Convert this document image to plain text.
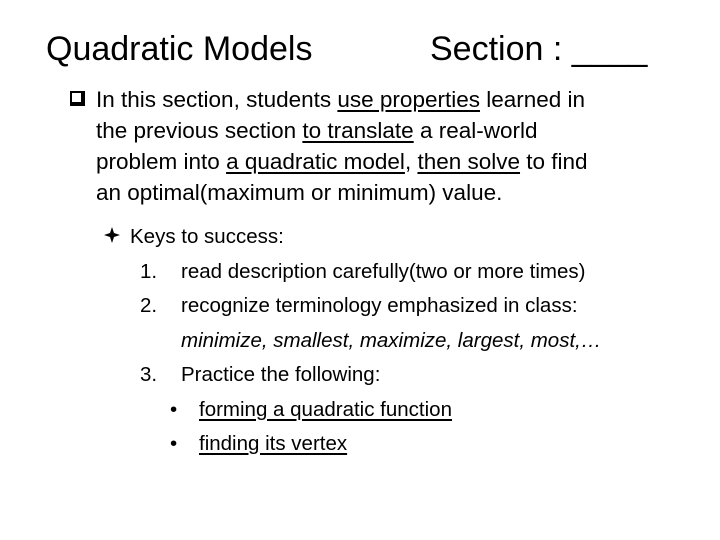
Quadratic Models	Section : ____
In this section, students use properties learned in
the previous section to translate a real-world
problem into a quadratic model, then solve to find
an optimal(maximum or minimum) value.
Keys to success:
1. read description carefully(two or more times)
2. recognize terminology emphasized in class:
minimize, smallest, maximize, largest, most,…
3. Practice the following:
• forming a quadratic function
• finding its vertex
